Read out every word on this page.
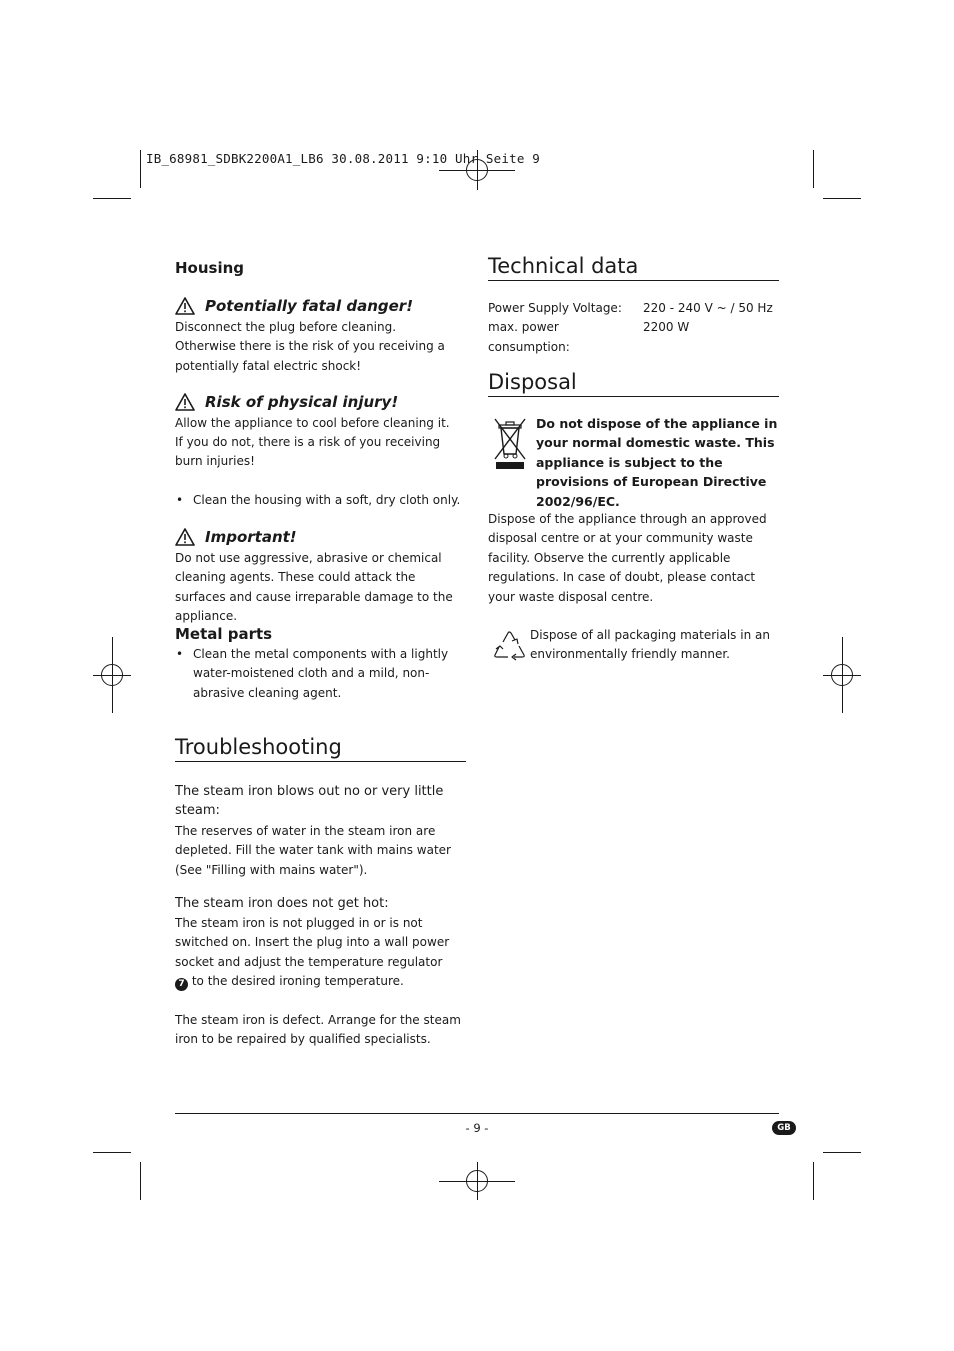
IB_68981_SDBK2200A1_LB6 30.08.2011 9:10 Uhr Seite 9
Housing
Potentially fatal danger!
Disconnect the plug before cleaning. Otherwise there is the risk of you receiving a potentially fatal electric shock!
Risk of physical injury!
Allow the appliance to cool before cleaning it.
If you do not, there is a risk of you receiving burn injuries!
• Clean the housing with a soft, dry cloth only.
Important!
Do not use aggressive, abrasive or chemical cleaning agents. These could attack the surfaces and cause irreparable damage to the appliance.
Metal parts
• Clean the metal components with a lightly water-moistened cloth and a mild, non-abrasive cleaning agent.
Troubleshooting
The steam iron blows out no or very little steam:
The reserves of water in the steam iron are depleted. Fill the water tank with mains water (See "Filling with mains water").
The steam iron does not get hot:
The steam iron is not plugged in or is not switched on. Insert the plug into a wall power socket and adjust the temperature regulator 7 to the desired ironing temperature.
The steam iron is defect. Arrange for the steam iron to be repaired by qualified specialists.
Technical data
Power Supply Voltage:	220 - 240 V ~ / 50 Hz
max. power consumption:
2200 W
Disposal
Do not dispose of the appliance in your normal domestic waste. This appliance is subject to the provisions of European Directive 2002/96/EC.
Dispose of the appliance through an approved disposal centre or at your community waste facility. Observe the currently applicable regulations. In case of doubt, please contact your waste disposal centre.
Dispose of all packaging materials in an environmentally friendly manner.
- 9 -	GB
